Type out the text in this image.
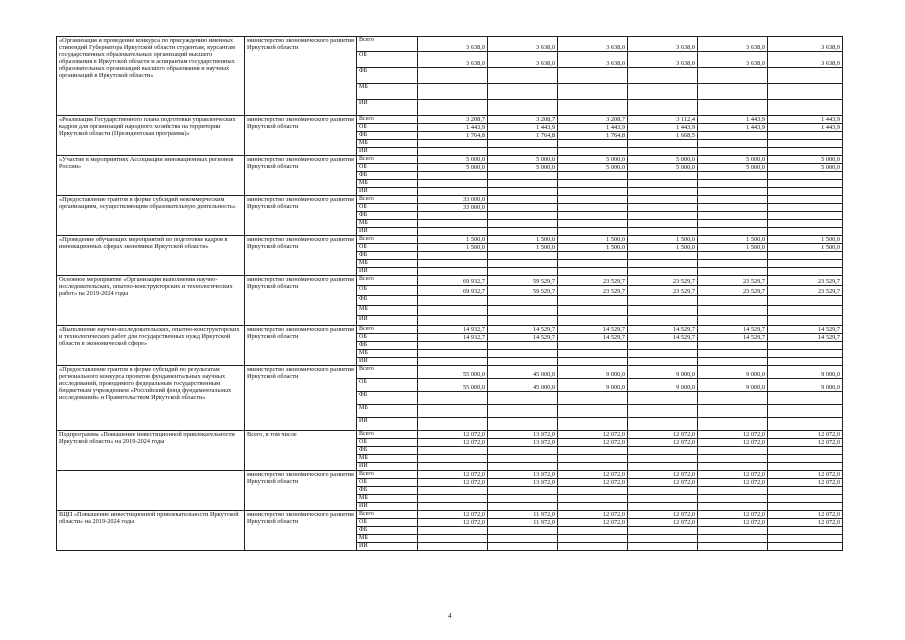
«Организация и проведение конкурса по присуждению именных стипендий Губернатора Иркутской области студентам, курсантам государственных образовательных организаций высшего образования в Иркутской области и аспирантам государственных образовательных организаций высшего образования и научных организаций в Иркутской области»	министерство экономического развития Иркутской области	Всего	3 638,0	3 638,0	3 638,0	3 638,0	3 638,0	3 638,0
		ОБ	3 638,0	3 638,0	3 638,0	3 638,0	3 638,0	3 638,0
		ФБ						
		МБ						
		ИИ						
«Реализация Государственного плана подготовки управленческих кадров для организаций народного хозяйства на территории Иркутской области (Президентская программа)»	министерство экономического развития Иркутской области	Всего	3 208,7	3 208,7	3 208,7	3 112,4	1 443,9	1 443,9
		ОБ	1 443,9	1 443,9	1 443,9	1 443,9	1 443,9	1 443,9
		ФБ	1 764,8	1 764,8	1 764,8	1 668,5		
		МБ						
		ИИ						
«Участие в мероприятиях Ассоциации инновационных регионов России»	министерство экономического развития Иркутской области	Всего	5 000,0	5 000,0	5 000,0	5 000,0	5 000,0	5 000,0
		ОБ	5 000,0	5 000,0	5 000,0	5 000,0	5 000,0	5 000,0
		ФБ						
		МБ						
		ИИ						
«Предоставление грантов в форме субсидий некоммерческим организациям, осуществляющим образовательную деятельность»	министерство экономического развития Иркутской области	Всего	33 000,0					
		ОБ	33 000,0					
		ФБ						
		МБ						
		ИИ						
«Проведение обучающих мероприятий по подготовке кадров в инновационных сферах экономики Иркутской области»	министерство экономического развития Иркутской области	Всего	1 500,0	1 500,0	1 500,0	1 500,0	1 500,0	1 500,0
		ОБ	1 500,0	1 500,0	1 500,0	1 500,0	1 500,0	1 500,0
		ФБ						
		МБ						
		ИИ						
Основное мероприятие «Организация выполнения научно-исследовательских, опытно-конструкторских и технологических работ» на 2019-2024 годы	министерство экономического развития Иркутской области	Всего	69 932,7	59 529,7	23 529,7	23 529,7	23 529,7	23 529,7
		ОБ	69 932,7	59 529,7	23 529,7	23 529,7	23 529,7	23 529,7
		ФБ						
		МБ						
		ИИ						
«Выполнение научно-исследовательских, опытно-конструкторских и технологических работ для государственных нужд Иркутской области в экономической сфере»	министерство экономического развития Иркутской области	Всего	14 932,7	14 529,7	14 529,7	14 529,7	14 529,7	14 529,7
		ОБ	14 932,7	14 529,7	14 529,7	14 529,7	14 529,7	14 529,7
		ФБ						
		МБ						
		ИИ						
«Предоставление грантов в форме субсидий по результатам регионального конкурса проектов фундаментальных научных исследований, проводимого федеральным государственным бюджетным учреждением «Российский фонд фундаментальных исследований» и Правительством Иркутской области»	министерство экономического развития Иркутской области	Всего	55 000,0	45 000,0	9 000,0	9 000,0	9 000,0	9 000,0
		ОБ	55 000,0	45 000,0	9 000,0	9 000,0	9 000,0	9 000,0
		ФБ						
		МБ						
		ИИ						
Подпрограмма «Повышение инвестиционной привлекательности Иркутской области» на 2019-2024 годы	Всего, в том числе	Всего	12 072,0	13 972,0	12 072,0	12 072,0	12 072,0	12 072,0
		ОБ	12 072,0	13 972,0	12 072,0	12 072,0	12 072,0	12 072,0
		ФБ						
		МБ						
		ИИ						
	министерство экономического развития Иркутской области	Всего	12 072,0	13 972,0	12 072,0	12 072,0	12 072,0	12 072,0
		ОБ	12 072,0	13 972,0	12 072,0	12 072,0	12 072,0	12 072,0
		ФБ						
		МБ						
		ИИ						
ВЦП «Повышение инвестиционной привлекательности Иркутской области» на 2019-2024 годы	министерство экономического развития Иркутской области	Всего	12 072,0	11 972,0	12 072,0	12 072,0	12 072,0	12 072,0
		ОБ	12 072,0	11 972,0	12 072,0	12 072,0	12 072,0	12 072,0
		ФБ						
		МБ						
		ИИ						
4
